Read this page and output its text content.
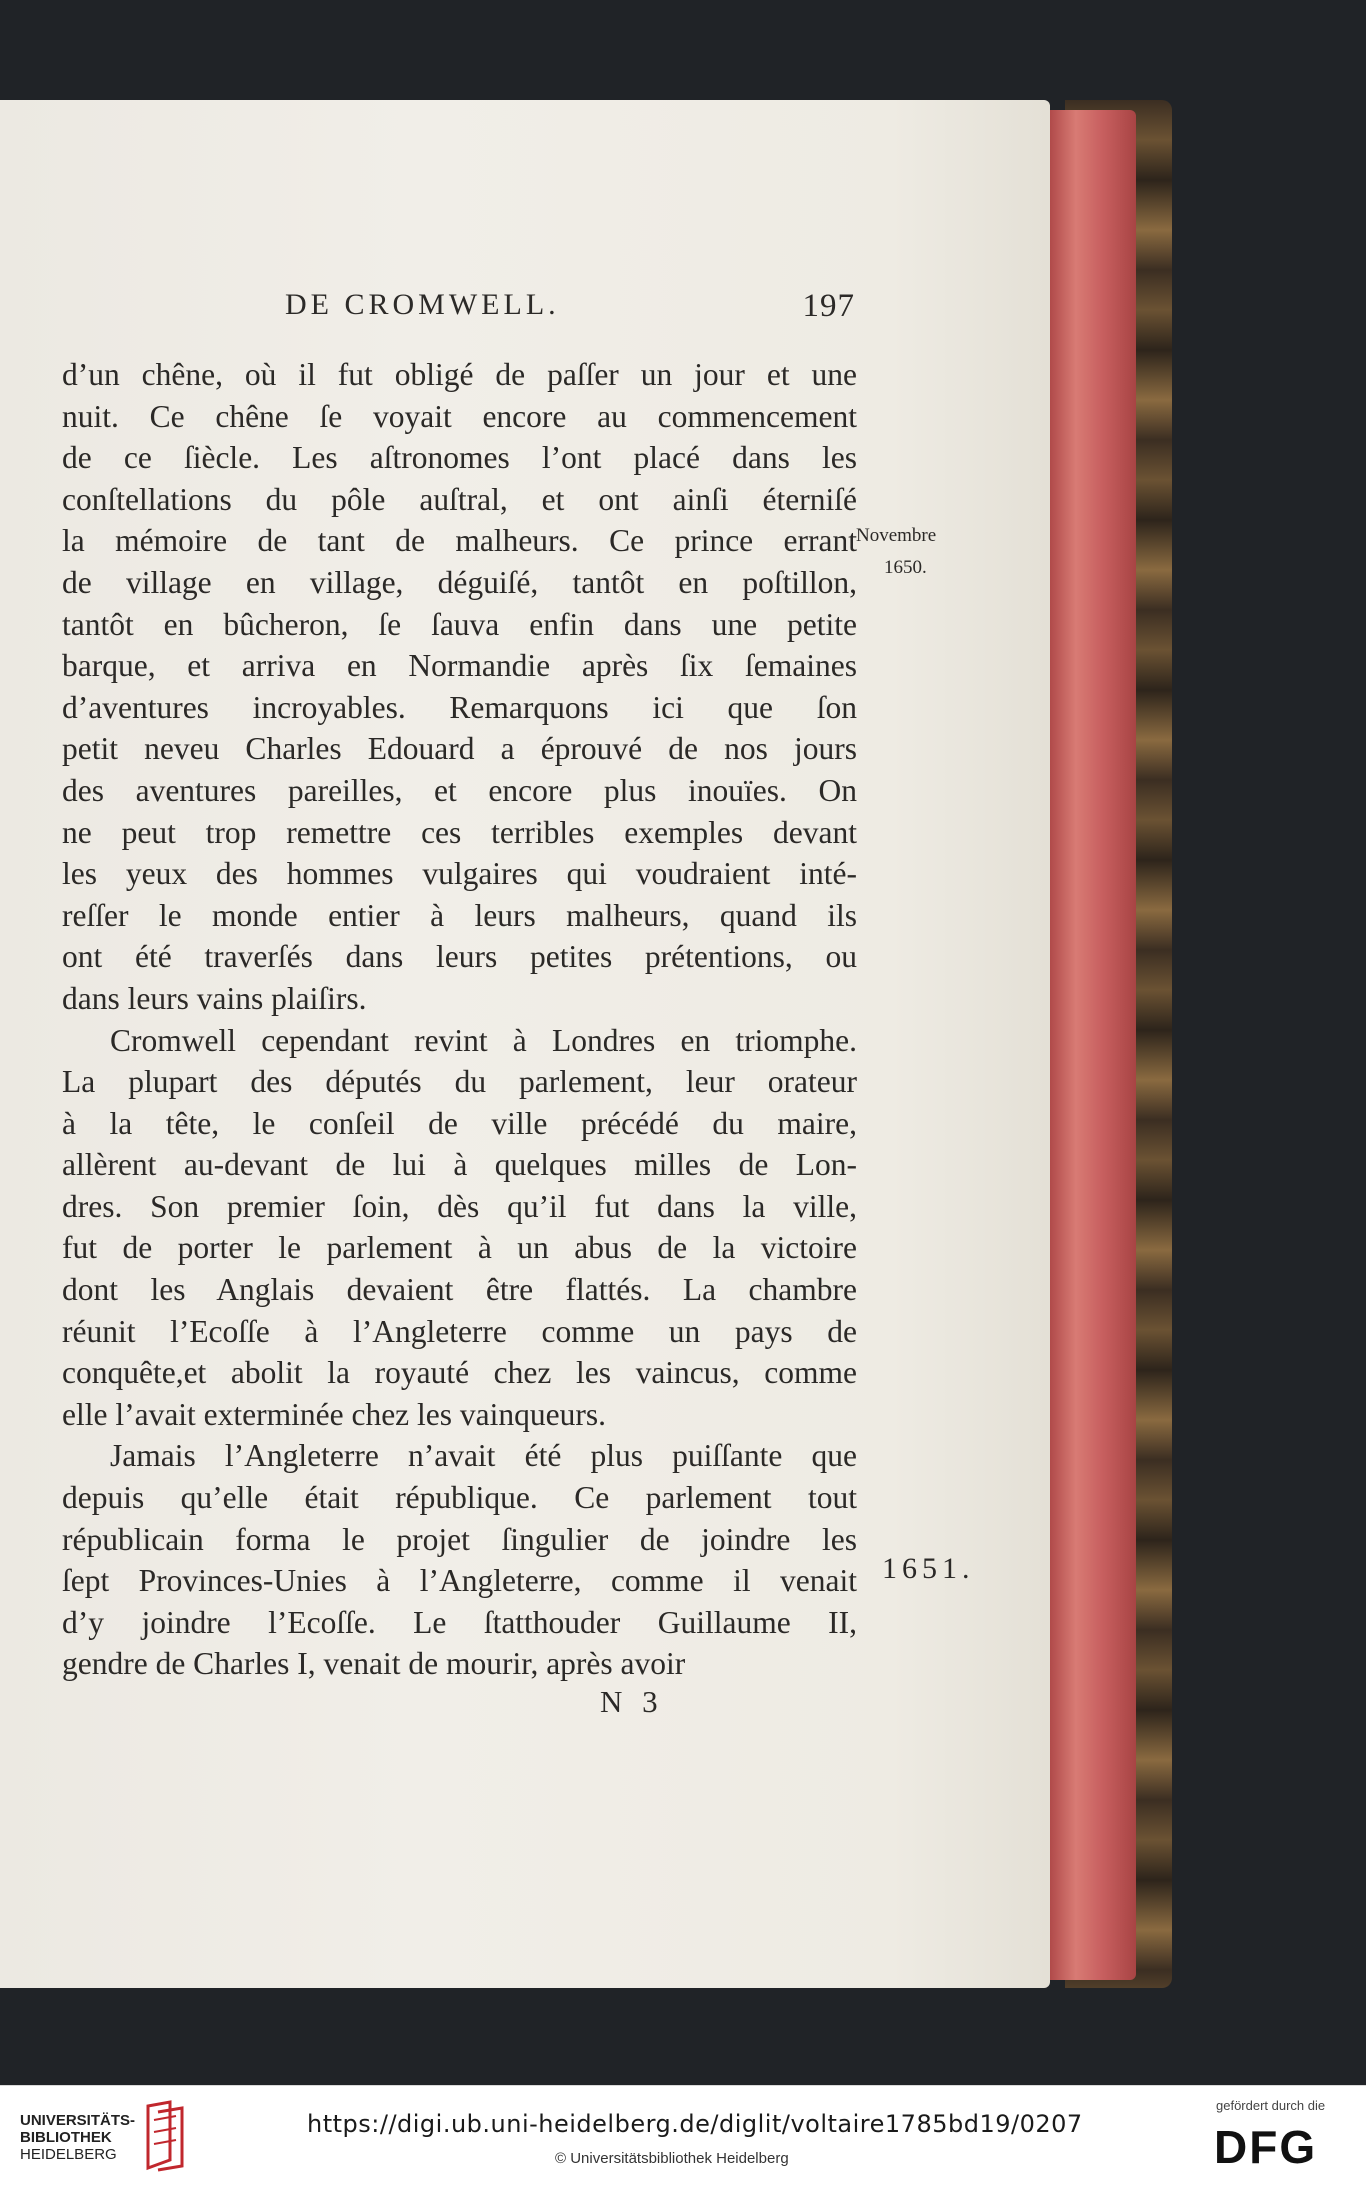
DE CROMWELL.	197
d’un chêne, où il fut obligé de paſſer un jour et une
nuit. Ce chêne ſe voyait encore au commencement
de ce ſiècle. Les aſtronomes l’ont placé dans les
conſtellations du pôle auſtral, et ont ainſi éterniſé
la mémoire de tant de malheurs. Ce prince errant
de village en village, déguiſé, tantôt en poſtillon,
tantôt en bûcheron, ſe ſauva enfin dans une petite
barque, et arriva en Normandie après ſix ſemaines
d’aventures incroyables. Remarquons ici que ſon
petit neveu Charles Edouard a éprouvé de nos jours
des aventures pareilles, et encore plus inouïes. On
ne peut trop remettre ces terribles exemples devant
les yeux des hommes vulgaires qui voudraient inté-
reſſer le monde entier à leurs malheurs, quand ils
ont été traverſés dans leurs petites prétentions, ou
dans leurs vains plaiſirs.
Cromwell cependant revint à Londres en triomphe.
La plupart des députés du parlement, leur orateur
à la tête, le conſeil de ville précédé du maire,
allèrent au-devant de lui à quelques milles de Lon-
dres. Son premier ſoin, dès qu’il fut dans la ville,
fut de porter le parlement à un abus de la victoire
dont les Anglais devaient être flattés. La chambre
réunit l’Ecoſſe à l’Angleterre comme un pays de
conquête,et abolit la royauté chez les vaincus, comme
elle l’avait exterminée chez les vainqueurs.
Jamais l’Angleterre n’avait été plus puiſſante que
depuis qu’elle était république. Ce parlement tout
républicain forma le projet ſingulier de joindre les
ſept Provinces-Unies à l’Angleterre, comme il venait
d’y joindre l’Ecoſſe. Le ſtatthouder Guillaume II,
gendre de Charles I, venait de mourir, après avoir
Novembre
1650.
1651.
N 3
UNIVERSITÄTS-
BIBLIOTHEK
HEIDELBERG
https://digi.ub.uni-heidelberg.de/diglit/voltaire1785bd19/0207
© Universitätsbibliothek Heidelberg
gefördert durch die
DFG
